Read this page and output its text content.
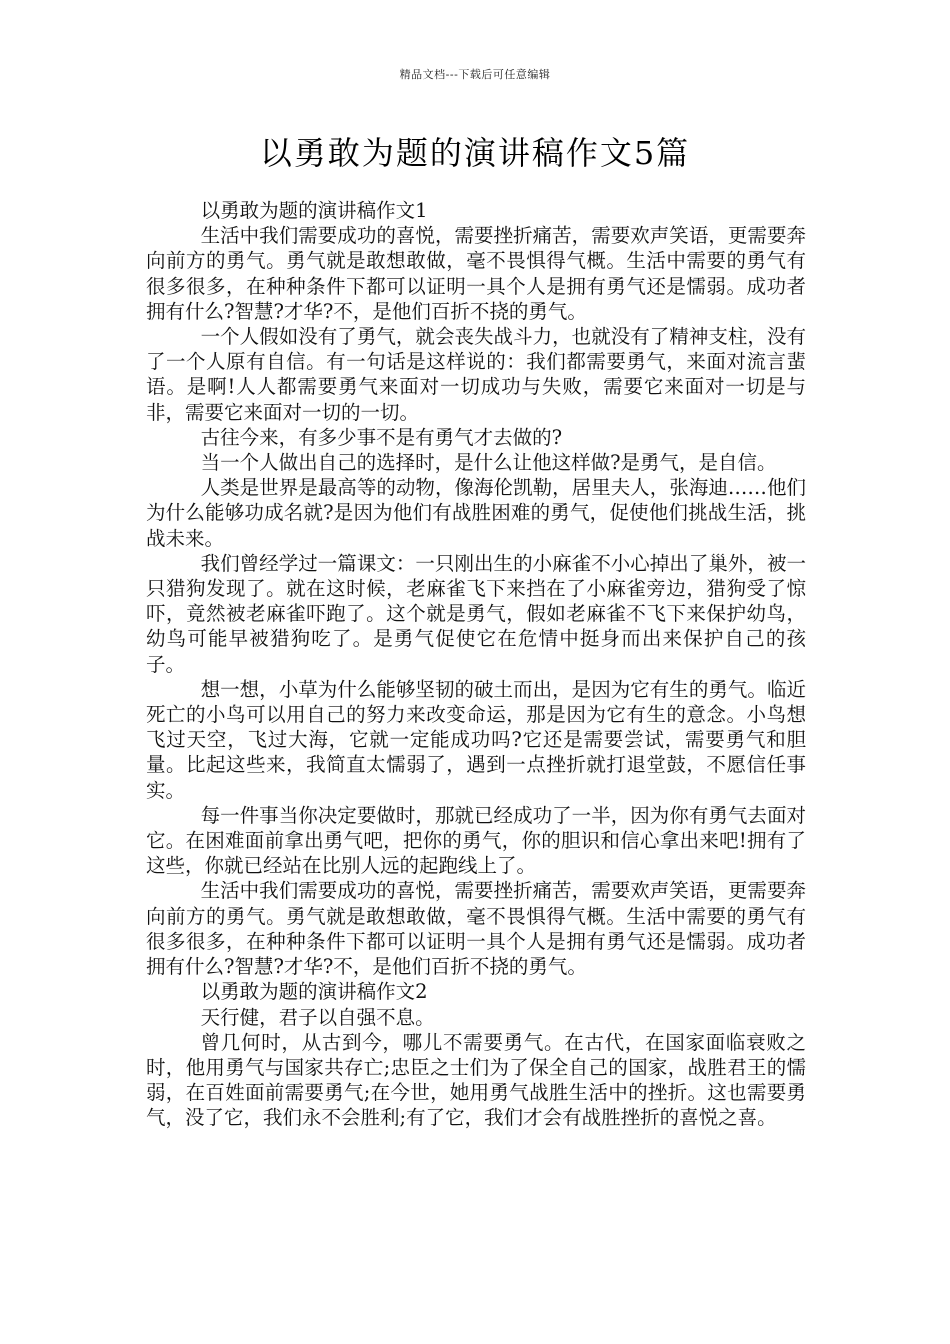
精品文档---下载后可任意编辑
以勇敢为题的演讲稿作文5篇

以勇敢为题的演讲稿作文1

生活中我们需要成功的喜悦，需要挫折痛苦，需要欢声笑语，更需要奔向前方的勇气。勇气就是敢想敢做，毫不畏惧得气概。生活中需要的勇气有很多很多，在种种条件下都可以证明一具个人是拥有勇气还是懦弱。成功者拥有什么?智慧?才华?不，是他们百折不挠的勇气。

一个人假如没有了勇气，就会丧失战斗力，也就没有了精神支柱，没有了一个人原有自信。有一句话是这样说的：我们都需要勇气，来面对流言蜚语。是啊!人人都需要勇气来面对一切成功与失败，需要它来面对一切是与非，需要它来面对一切的一切。

古往今来，有多少事不是有勇气才去做的?

当一个人做出自己的选择时，是什么让他这样做?是勇气，是自信。

人类是世界是最高等的动物，像海伦凯勒，居里夫人，张海迪……他们为什么能够功成名就?是因为他们有战胜困难的勇气，促使他们挑战生活，挑战未来。

我们曾经学过一篇课文：一只刚出生的小麻雀不小心掉出了巢外，被一只猎狗发现了。就在这时候，老麻雀飞下来挡在了小麻雀旁边，猎狗受了惊吓，竟然被老麻雀吓跑了。这个就是勇气，假如老麻雀不飞下来保护幼鸟，幼鸟可能早被猎狗吃了。是勇气促使它在危情中挺身而出来保护自己的孩子。

想一想，小草为什么能够坚韧的破土而出，是因为它有生的勇气。临近死亡的小鸟可以用自己的努力来改变命运，那是因为它有生的意念。小鸟想飞过天空，飞过大海，它就一定能成功吗?它还是需要尝试，需要勇气和胆量。比起这些来，我简直太懦弱了，遇到一点挫折就打退堂鼓，不愿信任事实。

每一件事当你决定要做时，那就已经成功了一半，因为你有勇气去面对它。在困难面前拿出勇气吧，把你的勇气，你的胆识和信心拿出来吧!拥有了这些，你就已经站在比别人远的起跑线上了。

生活中我们需要成功的喜悦，需要挫折痛苦，需要欢声笑语，更需要奔向前方的勇气。勇气就是敢想敢做，毫不畏惧得气概。生活中需要的勇气有很多很多，在种种条件下都可以证明一具个人是拥有勇气还是懦弱。成功者拥有什么?智慧?才华?不，是他们百折不挠的勇气。

以勇敢为题的演讲稿作文2

天行健，君子以自强不息。

曾几何时，从古到今，哪儿不需要勇气。在古代，在国家面临衰败之时，他用勇气与国家共存亡;忠臣之士们为了保全自己的国家，战胜君王的懦弱，在百姓面前需要勇气;在今世，她用勇气战胜生活中的挫折。这也需要勇气，没了它，我们永不会胜利;有了它，我们才会有战胜挫折的喜悦之喜。
